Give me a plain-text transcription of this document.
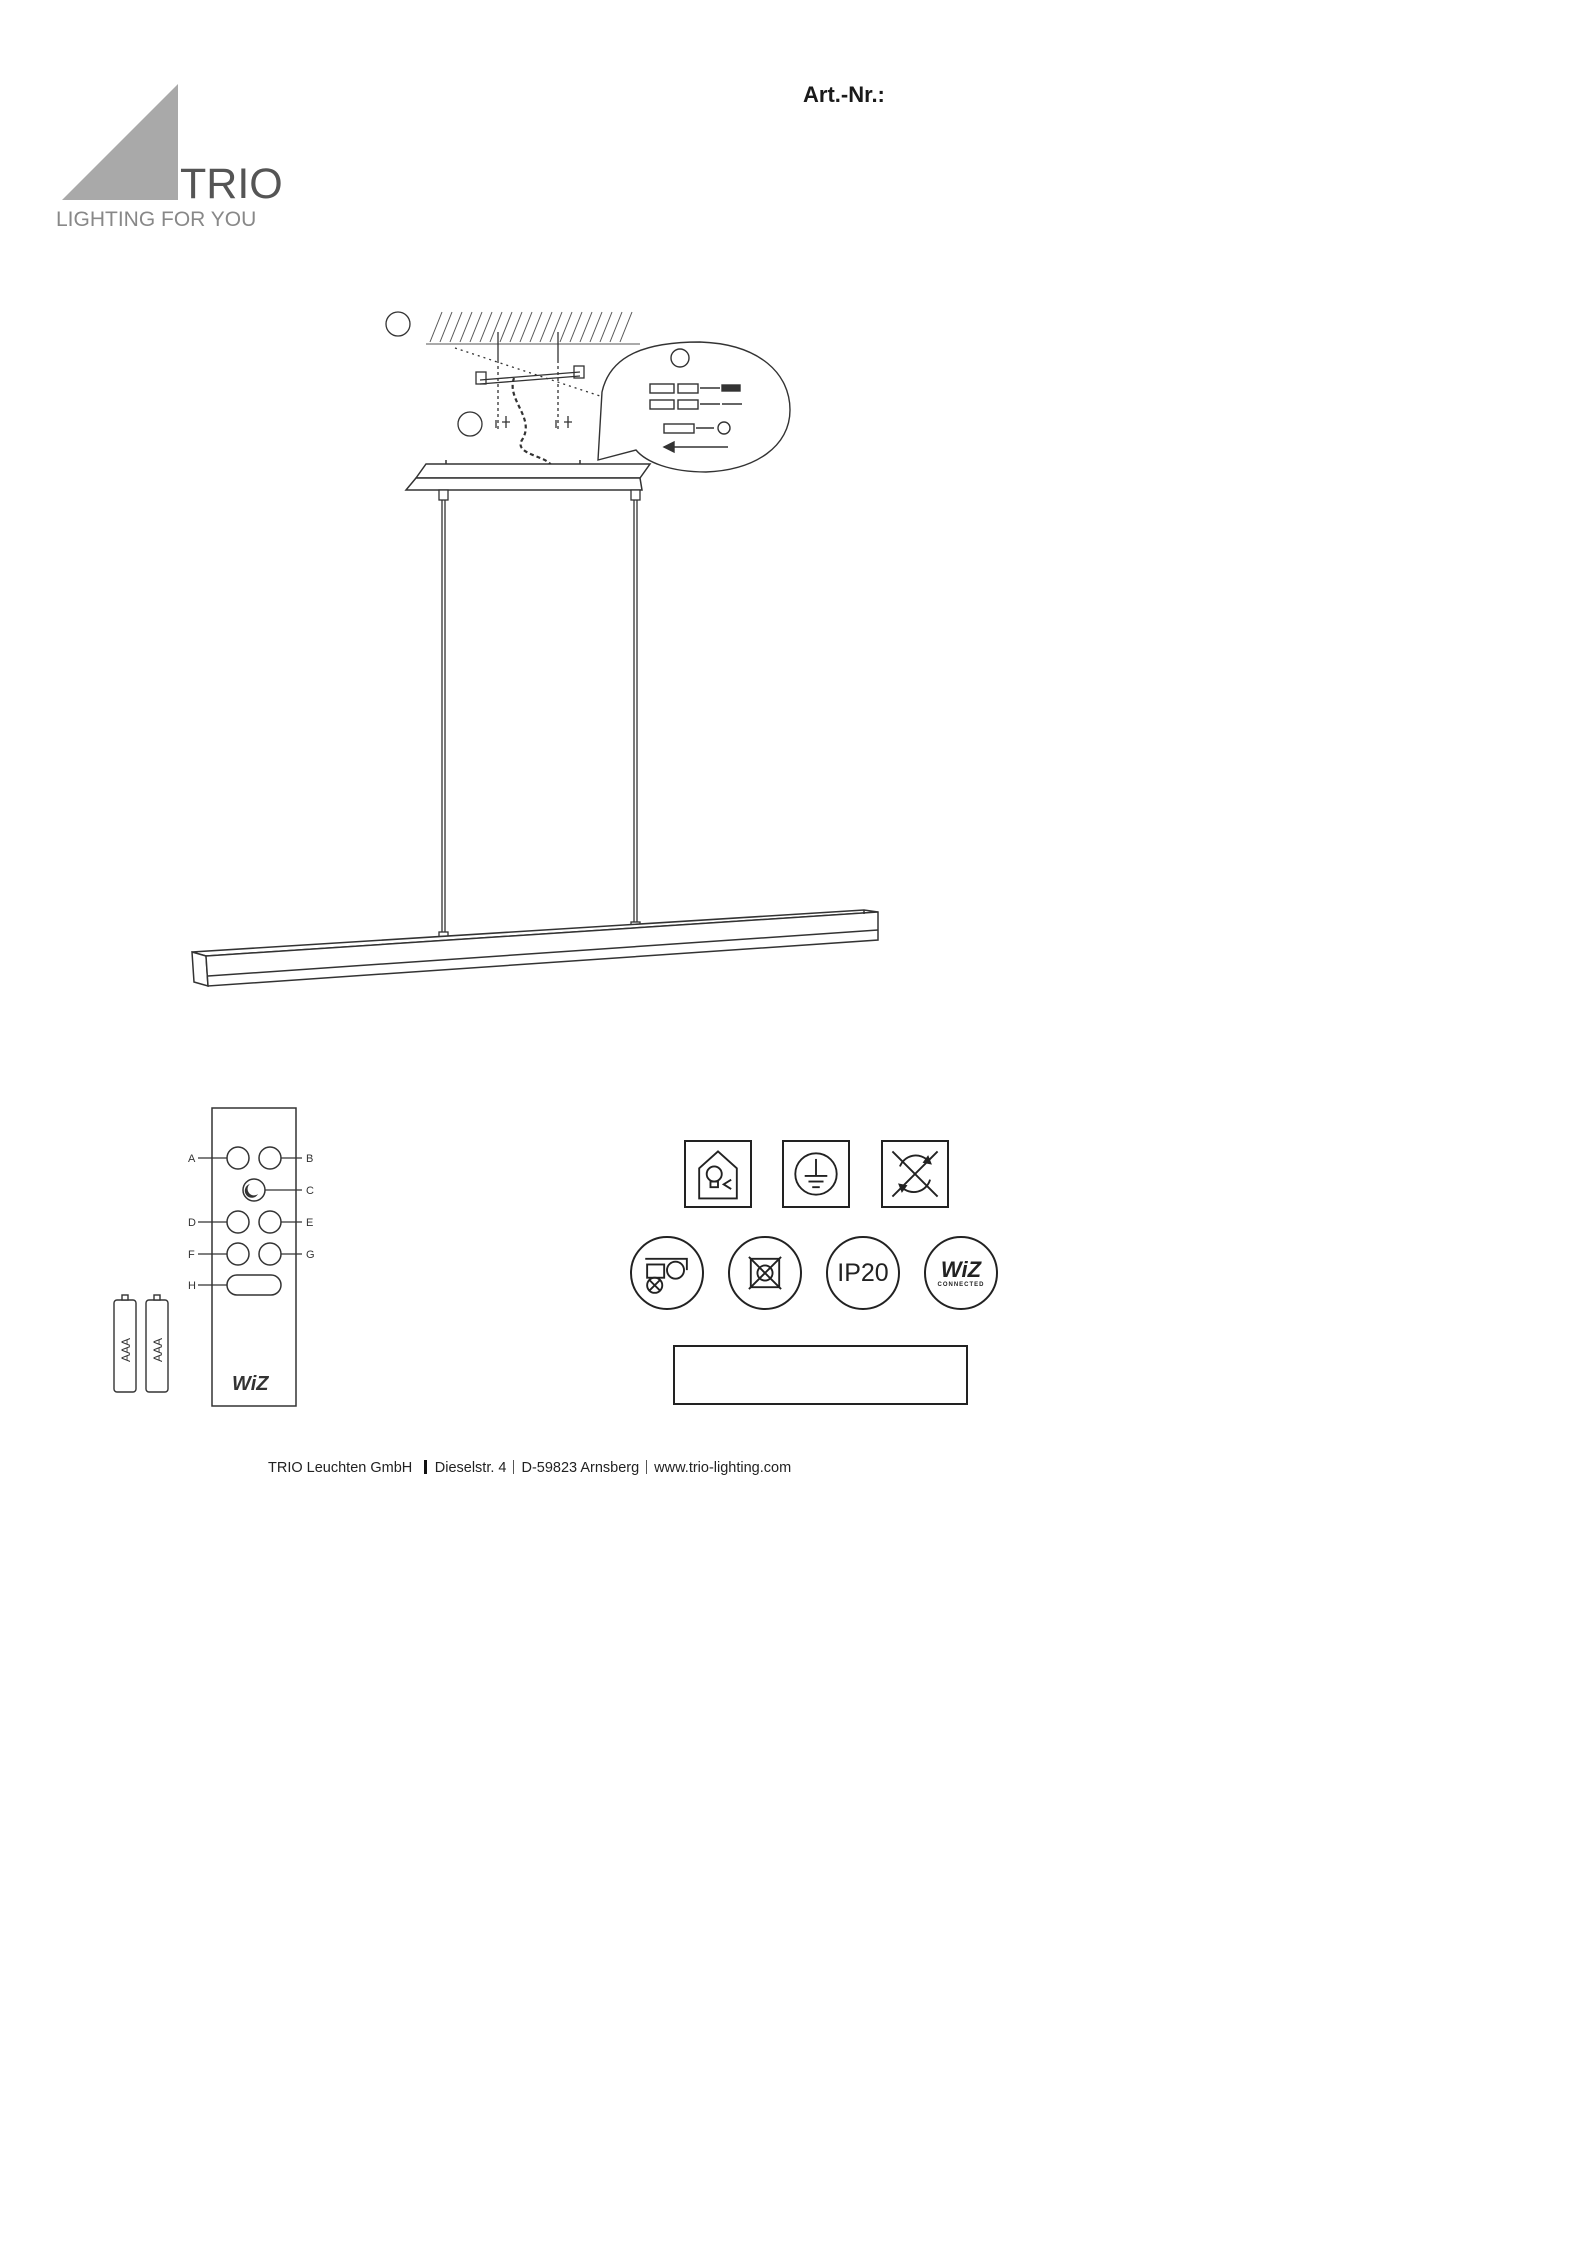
TRIO
LIGHTING FOR YOU
Art.-Nr.:
A	B
C
D	E
F	G
H
WiZ
AAA AAA
IP20 WiZ
CONNECTED
TRIO Leuchten GmbH Dieselstr. 4 D-59823 Arnsberg www.trio-lighting.com
